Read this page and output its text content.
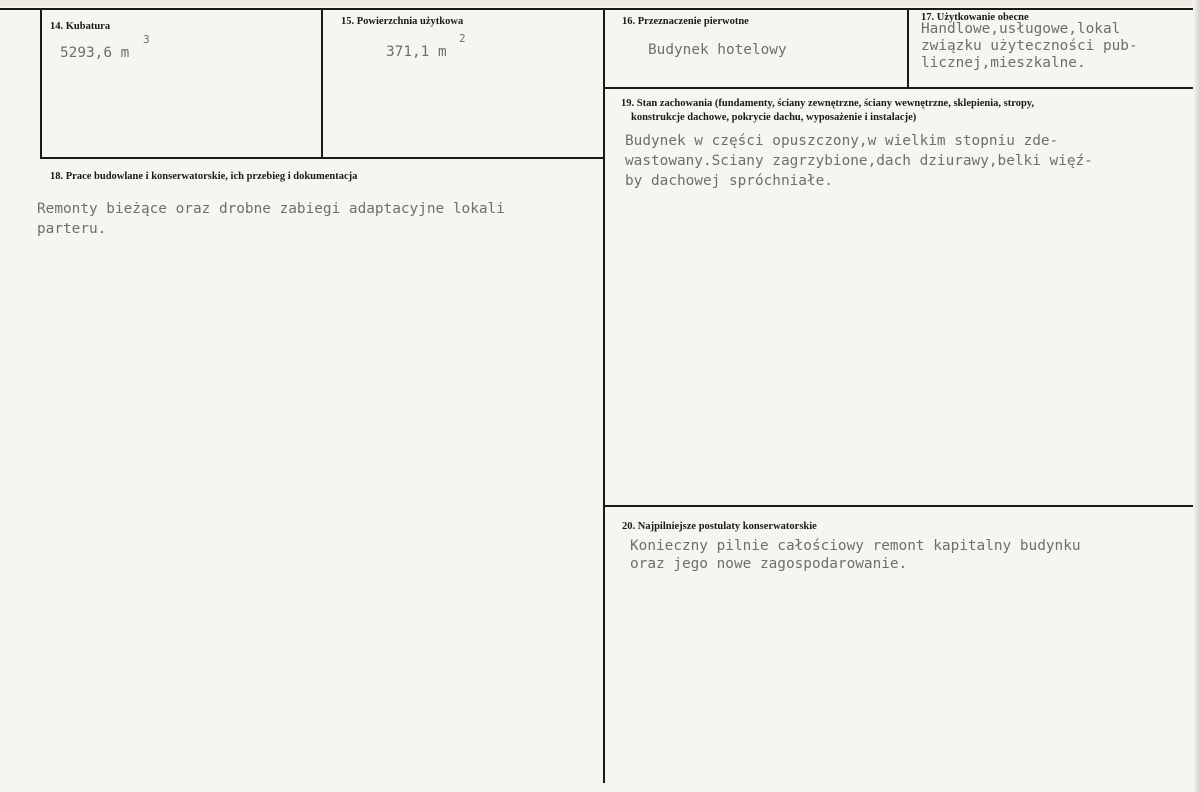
14. Kubatura
5293,6 m
3
15. Powierzchnia użytkowa
371,1 m
2
16. Przeznaczenie pierwotne
Budynek hotelowy
17. Użytkowanie obecne
Handlowe,usługowe,lokal
związku użyteczności pub-
licznej,mieszkalne.
19. Stan zachowania (fundamenty, ściany zewnętrzne, ściany wewnętrzne, sklepienia, stropy,
konstrukcje dachowe, pokrycie dachu, wyposażenie i instalacje)
Budynek w części opuszczony,w wielkim stopniu zde-
wastowany.Sciany zagrzybione,dach dziurawy,belki więź-
by dachowej spróchniałe.
18. Prace budowlane i konserwatorskie, ich przebieg i dokumentacja
Remonty bieżące oraz drobne zabiegi adaptacyjne lokali
parteru.
20. Najpilniejsze postulaty konserwatorskie
Konieczny pilnie całościowy remont kapitalny budynku
oraz jego nowe zagospodarowanie.
